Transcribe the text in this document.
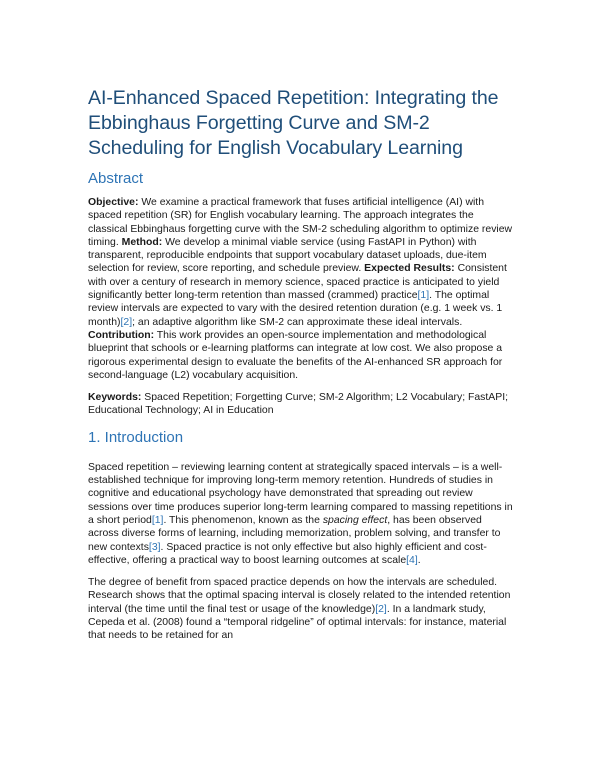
AI-Enhanced Spaced Repetition: Integrating the Ebbinghaus Forgetting Curve and SM-2 Scheduling for English Vocabulary Learning
Abstract

Objective: We examine a practical framework that fuses artificial intelligence (AI) with spaced repetition (SR) for English vocabulary learning. The approach integrates the classical Ebbinghaus forgetting curve with the SM-2 scheduling algorithm to optimize review timing. Method: We develop a minimal viable service (using FastAPI in Python) with transparent, reproducible endpoints that support vocabulary dataset uploads, due-item selection for review, score reporting, and schedule preview. Expected Results: Consistent with over a century of research in memory science, spaced practice is anticipated to yield significantly better long-term retention than massed (crammed) practice[1]. The optimal review intervals are expected to vary with the desired retention duration (e.g. 1 week vs. 1 month)[2]; an adaptive algorithm like SM-2 can approximate these ideal intervals. Contribution: This work provides an open-source implementation and methodological blueprint that schools or e-learning platforms can integrate at low cost. We also propose a rigorous experimental design to evaluate the benefits of the AI-enhanced SR approach for second-language (L2) vocabulary acquisition.

Keywords: Spaced Repetition; Forgetting Curve; SM-2 Algorithm; L2 Vocabulary; FastAPI; Educational Technology; AI in Education

1. Introduction

Spaced repetition – reviewing learning content at strategically spaced intervals – is a well-established technique for improving long-term memory retention. Hundreds of studies in cognitive and educational psychology have demonstrated that spreading out review sessions over time produces superior long-term learning compared to massing repetitions in a short period[1]. This phenomenon, known as the spacing effect, has been observed across diverse forms of learning, including memorization, problem solving, and transfer to new contexts[3]. Spaced practice is not only effective but also highly efficient and cost-effective, offering a practical way to boost learning outcomes at scale[4].

The degree of benefit from spaced practice depends on how the intervals are scheduled. Research shows that the optimal spacing interval is closely related to the intended retention interval (the time until the final test or usage of the knowledge)[2]. In a landmark study, Cepeda et al. (2008) found a “temporal ridgeline” of optimal intervals: for instance, material that needs to be retained for an
